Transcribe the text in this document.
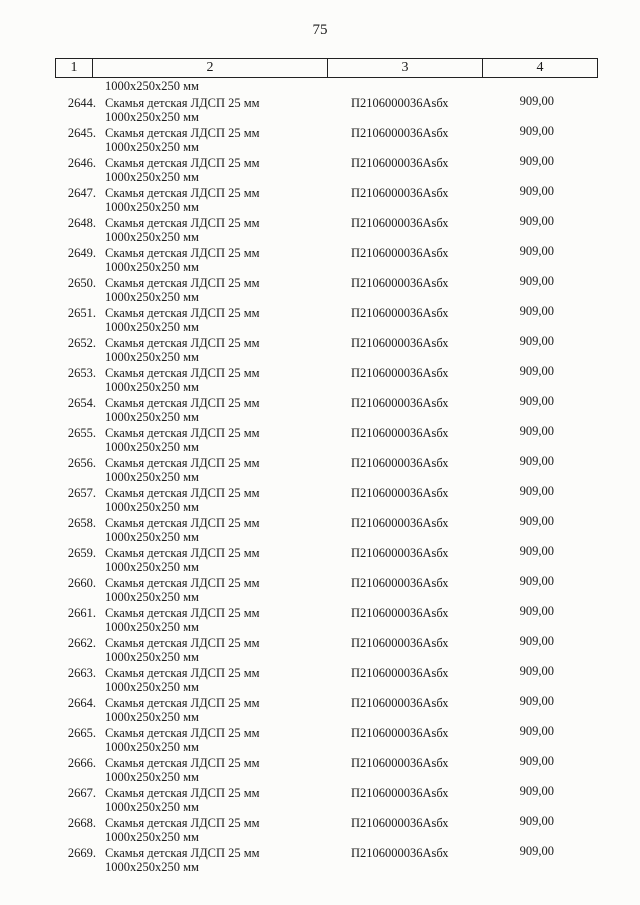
75
1	2	3	4
1000x250x250 мм
2644. Скамья детская ЛДСП 25 мм
1000x250x250 мм
П2106000036Аsбх	909,00
2645. Скамья детская ЛДСП 25 мм
1000x250x250 мм
П2106000036Аsбх	909,00
2646. Скамья детская ЛДСП 25 мм
1000x250x250 мм
П2106000036Аsбх	909,00
2647. Скамья детская ЛДСП 25 мм
1000x250x250 мм
П2106000036Аsбх	909,00
2648. Скамья детская ЛДСП 25 мм
1000x250x250 мм
П2106000036Аsбх	909,00
2649. Скамья детская ЛДСП 25 мм
1000x250x250 мм
П2106000036Аsбх	909,00
2650. Скамья детская ЛДСП 25 мм
1000x250x250 мм
П2106000036Аsбх	909,00
2651. Скамья детская ЛДСП 25 мм
1000x250x250 мм
П2106000036Аsбх	909,00
2652. Скамья детская ЛДСП 25 мм
1000x250x250 мм
П2106000036Аsбх	909,00
2653. Скамья детская ЛДСП 25 мм
1000x250x250 мм
П2106000036Аsбх	909,00
2654. Скамья детская ЛДСП 25 мм
1000x250x250 мм
П2106000036Аsбх	909,00
2655. Скамья детская ЛДСП 25 мм
1000x250x250 мм
П2106000036Аsбх	909,00
2656. Скамья детская ЛДСП 25 мм
1000x250x250 мм
П2106000036Аsбх	909,00
2657. Скамья детская ЛДСП 25 мм
1000x250x250 мм
П2106000036Аsбх	909,00
2658. Скамья детская ЛДСП 25 мм
1000x250x250 мм
П2106000036Аsбх	909,00
2659. Скамья детская ЛДСП 25 мм
1000x250x250 мм
П2106000036Аsбх	909,00
2660. Скамья детская ЛДСП 25 мм
1000x250x250 мм
П2106000036Аsбх	909,00
2661. Скамья детская ЛДСП 25 мм
1000x250x250 мм
П2106000036Аsбх	909,00
2662. Скамья детская ЛДСП 25 мм
1000x250x250 мм
П2106000036Аsбх	909,00
2663. Скамья детская ЛДСП 25 мм
1000x250x250 мм
П2106000036Аsбх	909,00
2664. Скамья детская ЛДСП 25 мм
1000x250x250 мм
П2106000036Аsбх	909,00
2665. Скамья детская ЛДСП 25 мм
1000x250x250 мм
П2106000036Аsбх	909,00
2666. Скамья детская ЛДСП 25 мм
1000x250x250 мм
П2106000036Аsбх	909,00
2667. Скамья детская ЛДСП 25 мм
1000x250x250 мм
П2106000036Аsбх	909,00
2668. Скамья детская ЛДСП 25 мм
1000x250x250 мм
П2106000036Аsбх	909,00
2669. Скамья детская ЛДСП 25 мм
1000x250x250 мм
П2106000036Аsбх	909,00
